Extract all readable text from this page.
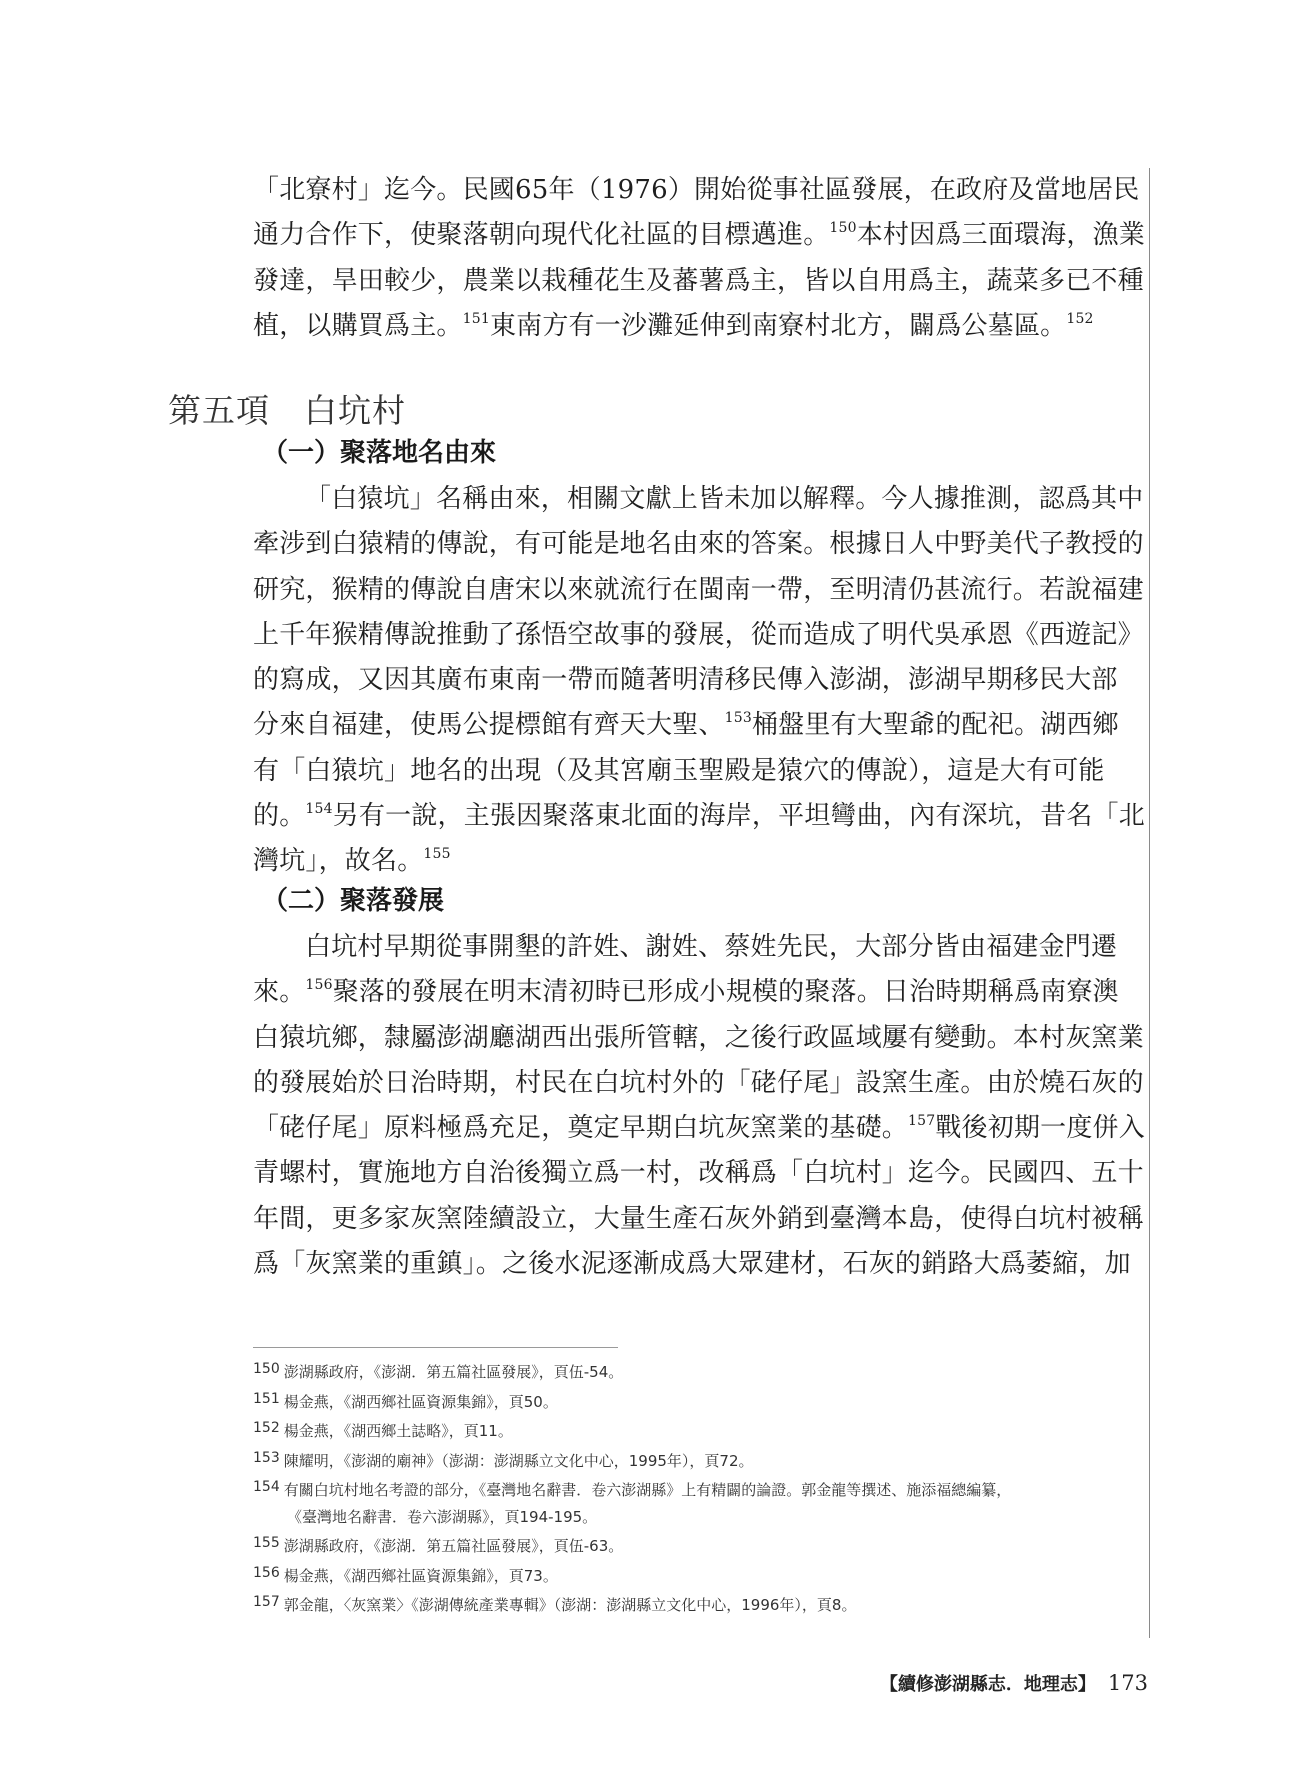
「北寮村」迄今。民國65年（1976）開始從事社區發展，在政府及當地居民
通力合作下，使聚落朝向現代化社區的目標邁進。$^{150}$本村因爲三面環海，漁業
發達，旱田較少，農業以栽種花生及蕃薯爲主，皆以自用爲主，蔬菜多已不種
植，以購買爲主。$^{151}$東南方有一沙灘延伸到南寮村北方，闢爲公墓區。$^{152}$
第五項 白坑村
（一）聚落地名由來
「白猿坑」名稱由來，相關文獻上皆未加以解釋。今人據推測，認爲其中
牽涉到白猿精的傳說，有可能是地名由來的答案。根據日人中野美代子教授的
研究，猴精的傳說自唐宋以來就流行在閩南一帶，至明清仍甚流行。若說福建
上千年猴精傳說推動了孫悟空故事的發展，從而造成了明代吳承恩《西遊記》
的寫成，又因其廣布東南一帶而隨著明清移民傳入澎湖，澎湖早期移民大部
分來自福建，使馬公提標館有齊天大聖、$^{153}$桶盤里有大聖爺的配祀。湖西鄉
有「白猿坑」地名的出現（及其宮廟玉聖殿是猿穴的傳說），這是大有可能
的。$^{154}$另有一說，主張因聚落東北面的海岸，平坦彎曲，內有深坑，昔名「北
灣坑」，故名。$^{155}$
（二）聚落發展
白坑村早期從事開墾的許姓、謝姓、蔡姓先民，大部分皆由福建金門遷
來。$^{156}$聚落的發展在明末清初時已形成小規模的聚落。日治時期稱爲南寮澳
白猿坑鄉，隸屬澎湖廳湖西出張所管轄，之後行政區域屢有變動。本村灰窯業
的發展始於日治時期，村民在白坑村外的「硓仔尾」設窯生產。由於燒石灰的
「硓仔尾」原料極爲充足，奠定早期白坑灰窯業的基礎。$^{157}$戰後初期一度併入
青螺村，實施地方自治後獨立爲一村，改稱爲「白坑村」迄今。民國四、五十
年間，更多家灰窯陸續設立，大量生產石灰外銷到臺灣本島，使得白坑村被稱
爲「灰窯業的重鎮」。之後水泥逐漸成爲大眾建材，石灰的銷路大爲萎縮，加
150 澎湖縣政府，《澎湖．第五篇社區發展》，頁伍-54。
151 楊金燕，《湖西鄉社區資源集錦》，頁50。
152 楊金燕，《湖西鄉土誌略》，頁11。
153 陳耀明，《澎湖的廟神》（澎湖：澎湖縣立文化中心，1995年），頁72。
154 有關白坑村地名考證的部分，《臺灣地名辭書．卷六澎湖縣》上有精闢的論證。郭金龍等撰述、施添福總編纂，
《臺灣地名辭書．卷六澎湖縣》，頁194-195。
155 澎湖縣政府，《澎湖．第五篇社區發展》，頁伍-63。
156 楊金燕，《湖西鄉社區資源集錦》，頁73。
157 郭金龍，〈灰窯業〉《澎湖傳統產業專輯》（澎湖：澎湖縣立文化中心，1996年），頁8。

【續修澎湖縣志．地理志】 173
